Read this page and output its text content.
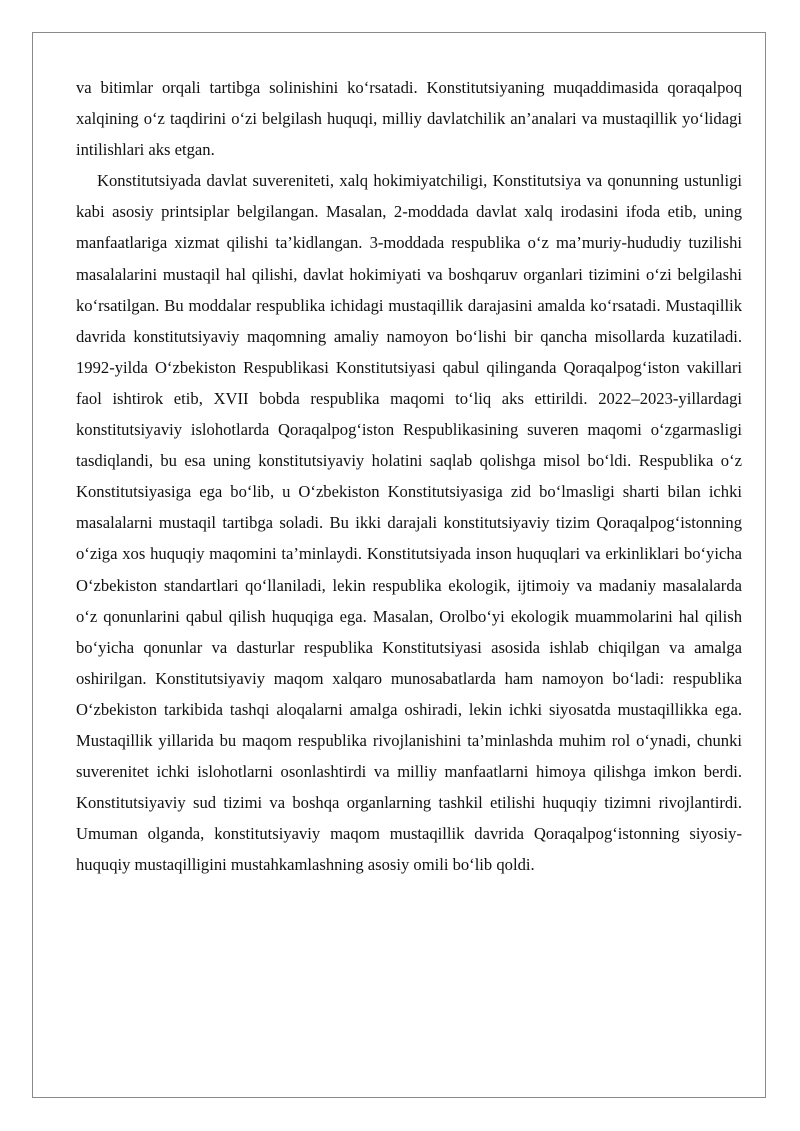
va bitimlar orqali tartibga solinishini ko‘rsatadi. Konstitutsiyaning muqaddimasida qoraqalpoq xalqining o‘z taqdirini o‘zi belgilash huquqi, milliy davlatchilik an’analari va mustaqillik yo‘lidagi intilishlari aks etgan.

Konstitutsiyada davlat suvereniteti, xalq hokimiyatchiligi, Konstitutsiya va qonunning ustunligi kabi asosiy printsiplar belgilangan. Masalan, 2-moddada davlat xalq irodasini ifoda etib, uning manfaatlariga xizmat qilishi ta’kidlangan. 3-moddada respublika o‘z ma’muriy-hududiy tuzilishi masalalarini mustaqil hal qilishi, davlat hokimiyati va boshqaruv organlari tizimini o‘zi belgilashi ko‘rsatilgan. Bu moddalar respublika ichidagi mustaqillik darajasini amalda ko‘rsatadi. Mustaqillik davrida konstitutsiyaviy maqomning amaliy namoyon bo‘lishi bir qancha misollarda kuzatiladi. 1992-yilda O‘zbekiston Respublikasi Konstitutsiyasi qabul qilinganda Qoraqalpog‘iston vakillari faol ishtirok etib, XVII bobda respublika maqomi to‘liq aks ettirildi. 2022–2023-yillardagi konstitutsiyaviy islohotlarda Qoraqalpog‘iston Respublikasining suveren maqomi o‘zgarmasligi tasdiqlandi, bu esa uning konstitutsiyaviy holatini saqlab qolishga misol bo‘ldi. Respublika o‘z Konstitutsiyasiga ega bo‘lib, u O‘zbekiston Konstitutsiyasiga zid bo‘lmasligi sharti bilan ichki masalalarni mustaqil tartibga soladi. Bu ikki darajali konstitutsiyaviy tizim Qoraqalpog‘istonning o‘ziga xos huquqiy maqomini ta’minlaydi. Konstitutsiyada inson huquqlari va erkinliklari bo‘yicha O‘zbekiston standartlari qo‘llaniladi, lekin respublika ekologik, ijtimoiy va madaniy masalalarda o‘z qonunlarini qabul qilish huquqiga ega. Masalan, Orolbo‘yi ekologik muammolarini hal qilish bo‘yicha qonunlar va dasturlar respublika Konstitutsiyasi asosida ishlab chiqilgan va amalga oshirilgan. Konstitutsiyaviy maqom xalqaro munosabatlarda ham namoyon bo‘ladi: respublika O‘zbekiston tarkibida tashqi aloqalarni amalga oshiradi, lekin ichki siyosatda mustaqillikka ega. Mustaqillik yillarida bu maqom respublika rivojlanishini ta’minlashda muhim rol o‘ynadi, chunki suverenitet ichki islohotlarni osonlashtirdi va milliy manfaatlarni himoya qilishga imkon berdi. Konstitutsiyaviy sud tizimi va boshqa organlarning tashkil etilishi huquqiy tizimni rivojlantirdi. Umuman olganda, konstitutsiyaviy maqom mustaqillik davrida Qoraqalpog‘istonning siyosiy-huquqiy mustaqilligini mustahkamlashning asosiy omili bo‘lib qoldi.
